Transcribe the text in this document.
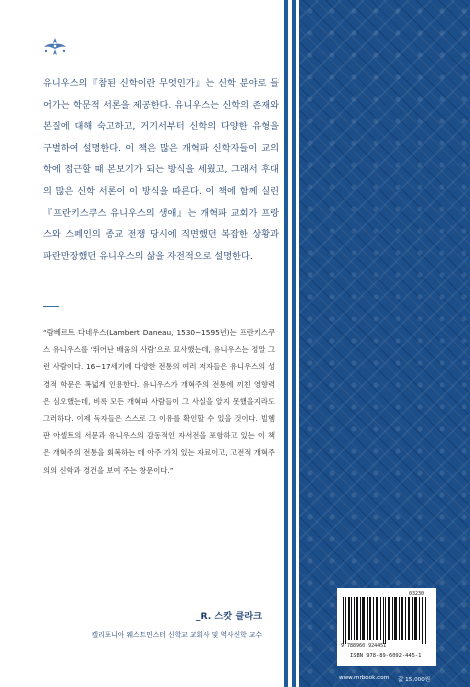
유니우스의『참된 신학이란 무엇인가』는 신학 분야로 들어가는 학문적 서론을 제공한다. 유니우스는 신학의 존재와 본질에 대해 숙고하고, 거기서부터 신학의 다양한 유형을 구별하여 설명한다. 이 책은 많은 개혁파 신학자들이 교의학에 접근할 때 본보기가 되는 방식을 세웠고, 그래서 후대의 많은 신학 서론이 이 방식을 따른다. 이 책에 함께 실린『프란키스쿠스 유니우스의 생애』는 개혁파 교회가 프랑스와 스페인의 종교 전쟁 당시에 직면했던 복잡한 상황과 파란만장했던 유니우스의 삶을 자전적으로 설명한다.

“람베르트 다네우스(Lambert Daneau, 1530~1595년)는 프란키스쿠스 유니우스를 ‘뛰어난 배움의 사람’으로 묘사했는데, 유니우스는 정말 그런 사람이다. 16~17세기에 다양한 전통의 여러 저자들은 유니우스의 성경적 학문은 폭넓게 인용한다. 유니우스가 개혁주의 전통에 끼친 영향력은 심오했는데, 비록 모든 개혁파 사람들이 그 사실을 알지 못했을지라도 그러하다. 이제 독자들은 스스로 그 이유를 확인할 수 있을 것이다. 빌헴 판 아셀트의 서문과 유니우스의 감동적인 자서전을 포함하고 있는 이 책은 개혁주의 전통을 회복하는 데 아주 가치 있는 자료이고, 고전적 개혁주의의 신학과 경건을 보여 주는 창문이다.”

_R. 스캇 클라크
캘리포니아 웨스트민스터 신학교 교회사 및 역사신학 교수
03230
9 788960 924451
ISBN 978-89-6092-445-1
www.mrbook.com 값 15,000원
